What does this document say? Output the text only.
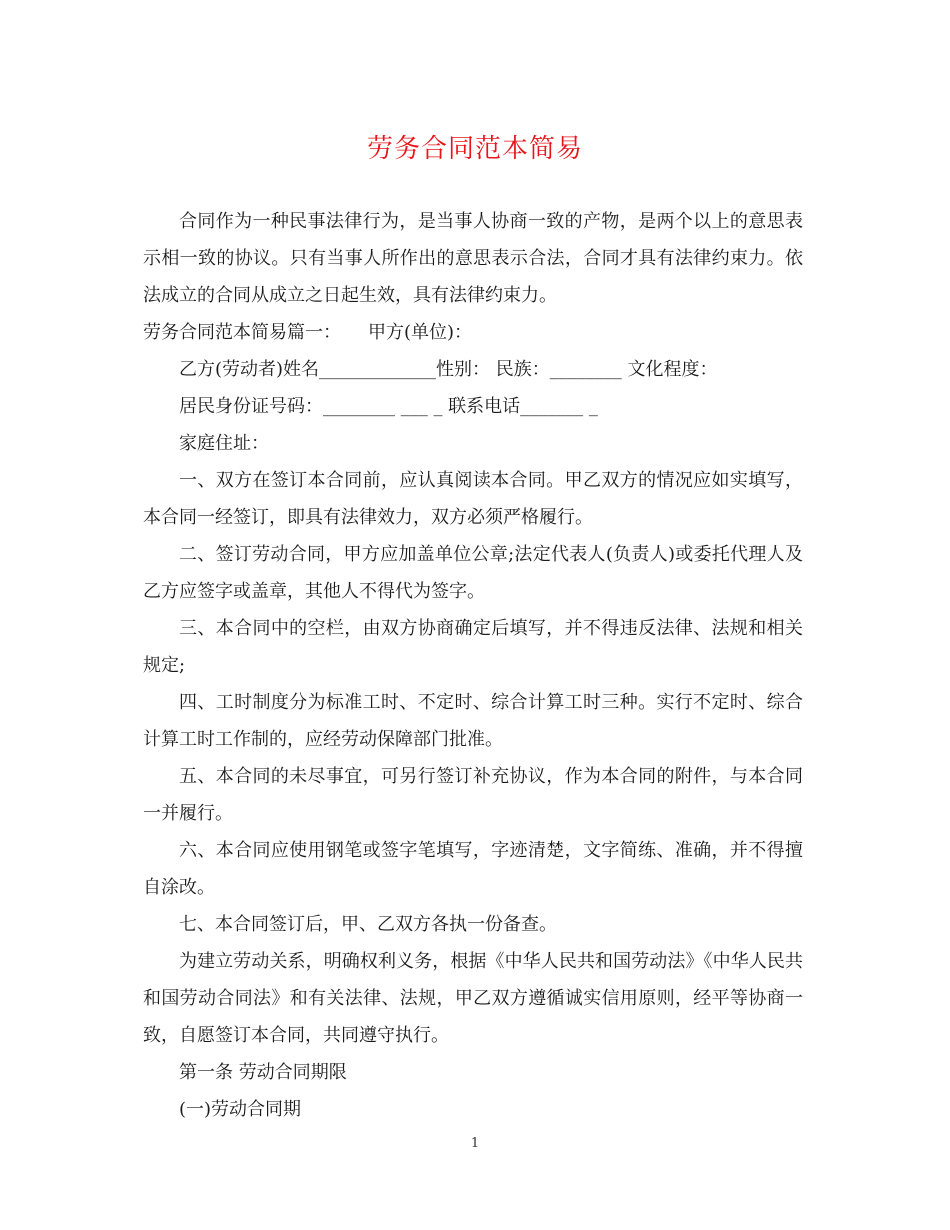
劳务合同范本简易

合同作为一种民事法律行为，是当事人协商一致的产物，是两个以上的意思表示相一致的协议。只有当事人所作出的意思表示合法，合同才具有法律约束力。依法成立的合同从成立之日起生效，具有法律约束力。

劳务合同范本简易篇一：　　甲方(单位)：

乙方(劳动者)姓名_____________性别： 民族：________ 文化程度：

居民身份证号码：________ ___ _ 联系电话_______ _

家庭住址：

一、双方在签订本合同前，应认真阅读本合同。甲乙双方的情况应如实填写，本合同一经签订，即具有法律效力，双方必须严格履行。

二、签订劳动合同，甲方应加盖单位公章;法定代表人(负责人)或委托代理人及乙方应签字或盖章，其他人不得代为签字。

三、本合同中的空栏，由双方协商确定后填写，并不得违反法律、法规和相关规定;

四、工时制度分为标准工时、不定时、综合计算工时三种。实行不定时、综合计算工时工作制的，应经劳动保障部门批准。

五、本合同的未尽事宜，可另行签订补充协议，作为本合同的附件，与本合同一并履行。

六、本合同应使用钢笔或签字笔填写，字迹清楚，文字简练、准确，并不得擅自涂改。

七、本合同签订后，甲、乙双方各执一份备查。

为建立劳动关系，明确权利义务，根据《中华人民共和国劳动法》《中华人民共和国劳动合同法》和有关法律、法规，甲乙双方遵循诚实信用原则，经平等协商一致，自愿签订本合同，共同遵守执行。

第一条 劳动合同期限

(一)劳动合同期

1
